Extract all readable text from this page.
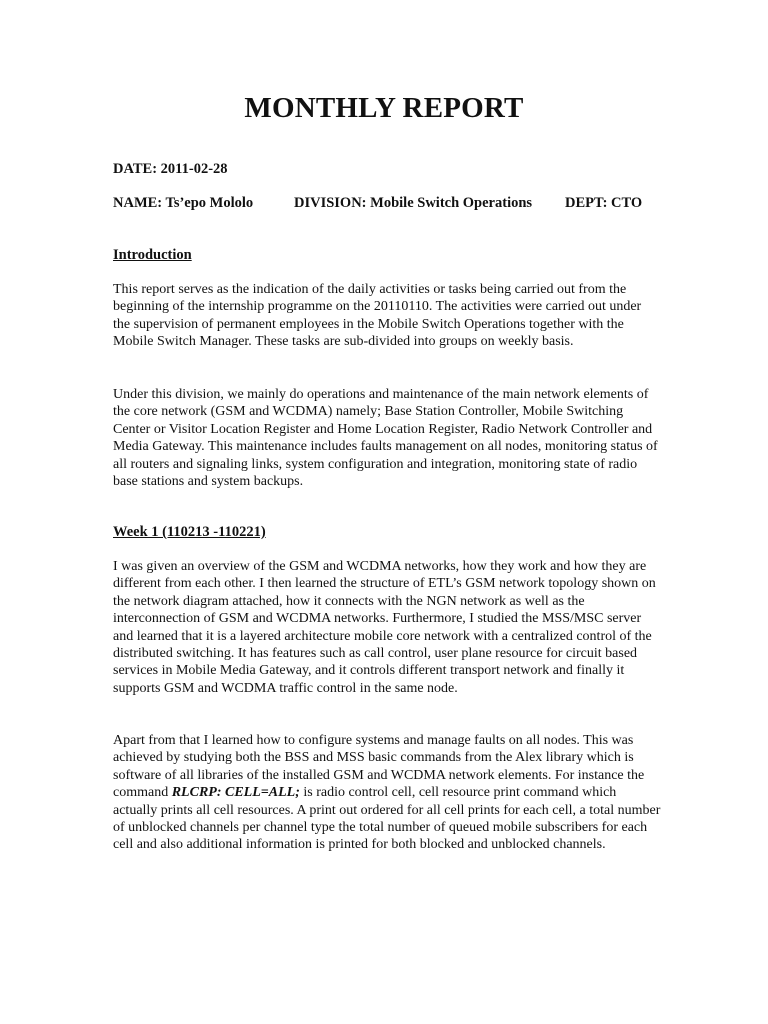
MONTHLY REPORT
DATE: 2011-02-28
NAME: Ts’epo Mololo	DIVISION: Mobile Switch Operations DEPT: CTO
Introduction

This report serves as the indication of the daily activities or tasks being carried out from the beginning of the internship programme on the 20110110. The activities were carried out under the supervision of permanent employees in the Mobile Switch Operations together with the Mobile Switch Manager. These tasks are sub-divided into groups on weekly basis.

Under this division, we mainly do operations and maintenance of the main network elements of the core network (GSM and WCDMA) namely; Base Station Controller, Mobile Switching Center or Visitor Location Register and Home Location Register, Radio Network Controller and Media Gateway. This maintenance includes faults management on all nodes, monitoring status of all routers and signaling links, system configuration and integration, monitoring state of radio base stations and system backups.

Week 1 (110213 -110221)

I was given an overview of the GSM and WCDMA networks, how they work and how they are different from each other. I then learned the structure of ETL’s GSM network topology shown on the network diagram attached, how it connects with the NGN network as well as the interconnection of GSM and WCDMA networks. Furthermore, I studied the MSS/MSC server and learned that it is a layered architecture mobile core network with a centralized control of the distributed switching. It has features such as call control, user plane resource for circuit based services in Mobile Media Gateway, and it controls different transport network and finally it supports GSM and WCDMA traffic control in the same node.

Apart from that I learned how to configure systems and manage faults on all nodes. This was achieved by studying both the BSS and MSS basic commands from the Alex library which is software of all libraries of the installed GSM and WCDMA network elements. For instance the command RLCRP: CELL=ALL; is radio control cell, cell resource print command which actually prints all cell resources. A print out ordered for all cell prints for each cell, a total number of unblocked channels per channel type the total number of queued mobile subscribers for each cell and also additional information is printed for both blocked and unblocked channels.
